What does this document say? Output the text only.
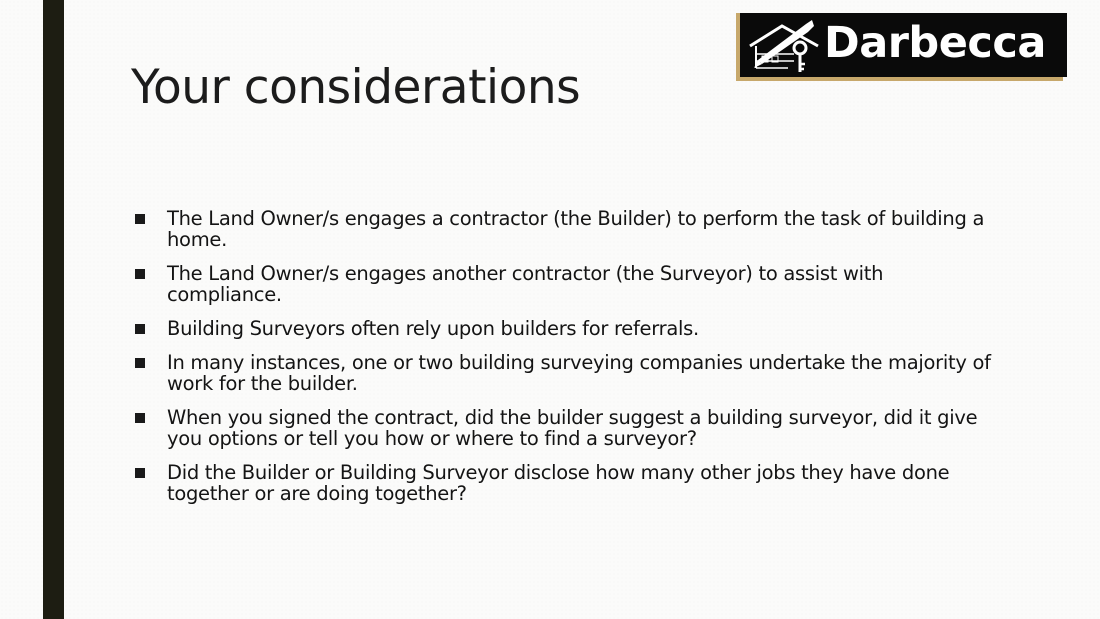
Your considerations
Darbecca
The Land Owner/s engages a contractor (the Builder) to perform the task of building a home.
The Land Owner/s engages another contractor (the Surveyor) to assist with compliance.
Building Surveyors often rely upon builders for referrals.
In many instances, one or two building surveying companies undertake the majority of work for the builder.
When you signed the contract, did the builder suggest a building surveyor, did it give you options or tell you how or where to find a surveyor?
Did the Builder or Building Surveyor disclose how many other jobs they have done together or are doing together?
